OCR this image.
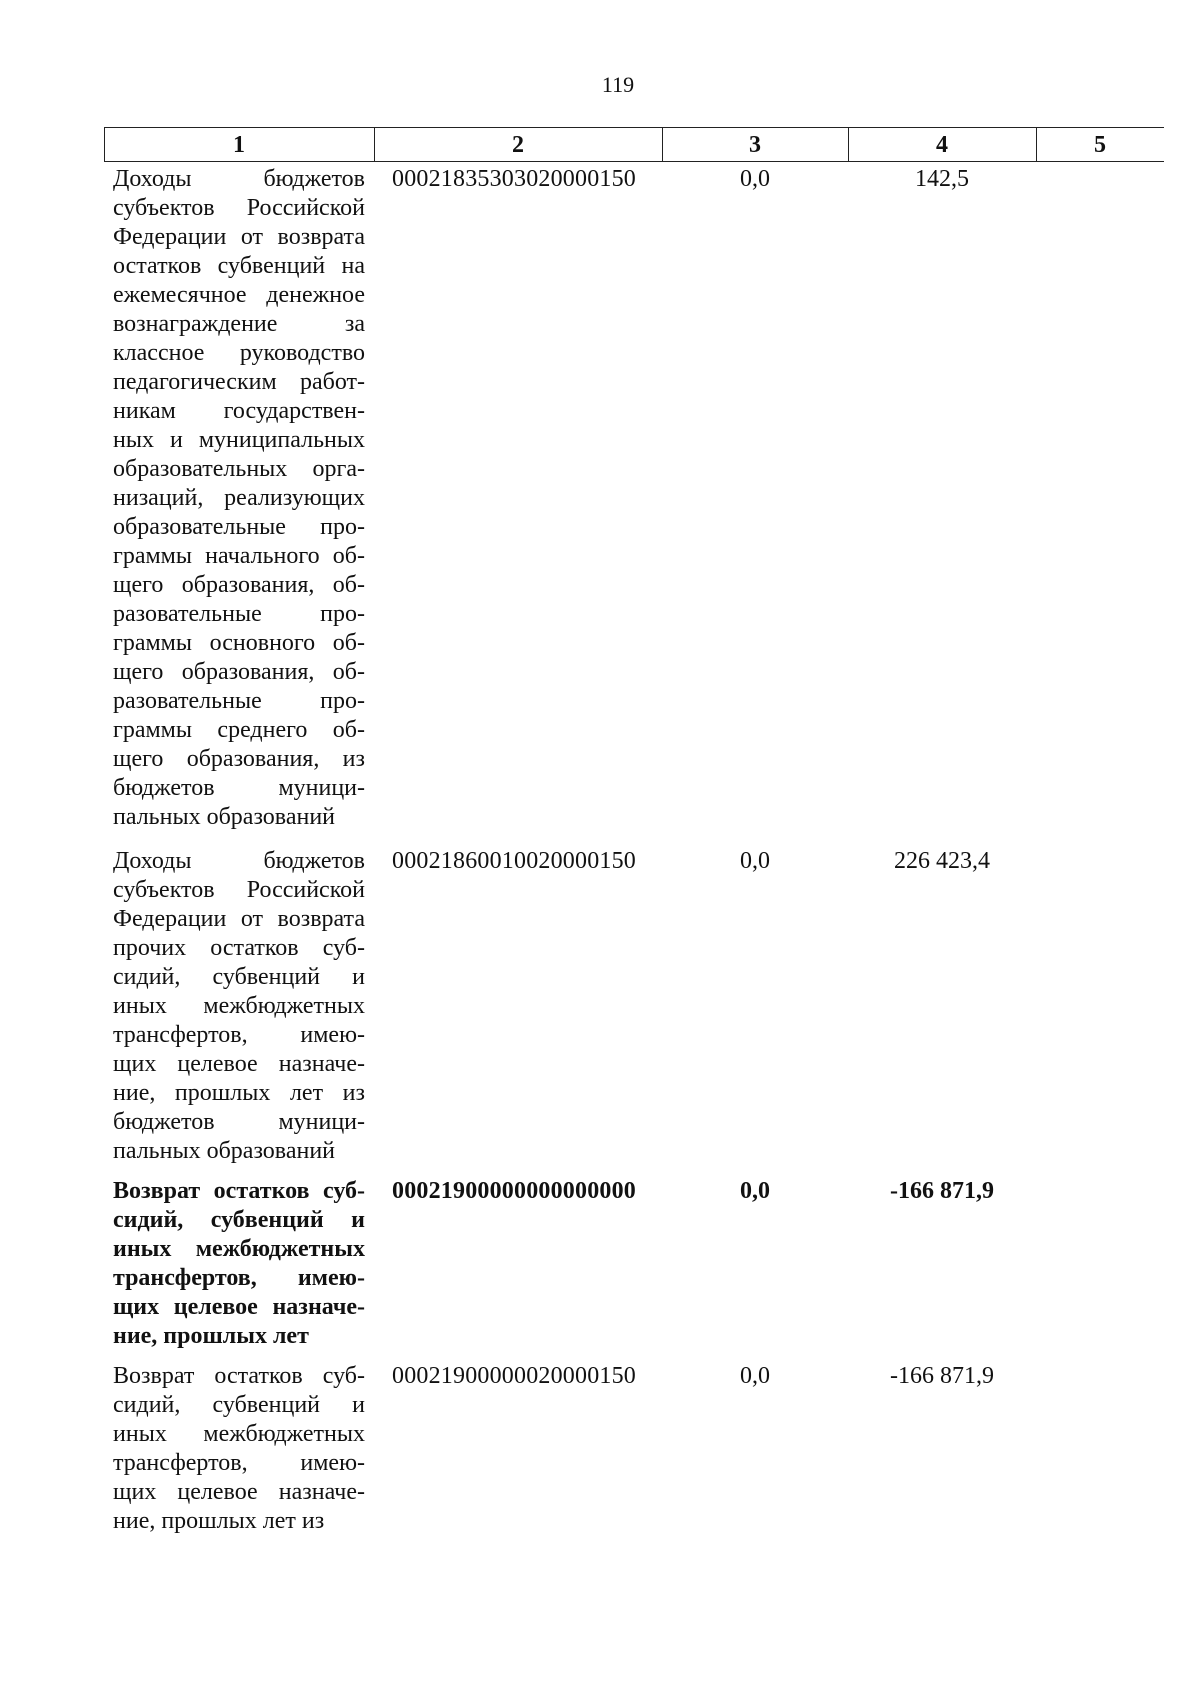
119
1	2	3	4	5
Доходы бюджетов
субъектов Российской
Федерации от возврата
остатков субвенций на
ежемесячное денежное
вознаграждение за
классное руководство
педагогическим работ-
никам государствен-
ных и муниципальных
образовательных орга-
низаций, реализующих
образовательные про-
граммы начального об-
щего образования, об-
разовательные про-
граммы основного об-
щего образования, об-
разовательные про-
граммы среднего об-
щего образования, из
бюджетов муници-
пальных образований
00021835303020000150	0,0	142,5
Доходы бюджетов
субъектов Российской
Федерации от возврата
прочих остатков суб-
сидий, субвенций и
иных межбюджетных
трансфертов, имею-
щих целевое назначе-
ние, прошлых лет из
бюджетов муници-
пальных образований
00021860010020000150	0,0	226 423,4
Возврат остатков суб-
сидий, субвенций и
иных межбюджетных
трансфертов, имею-
щих целевое назначе-
ние, прошлых лет
00021900000000000000	0,0	-166 871,9
Возврат остатков суб-
сидий, субвенций и
иных межбюджетных
трансфертов, имею-
щих целевое назначе-
ние, прошлых лет из
00021900000020000150	0,0	-166 871,9
